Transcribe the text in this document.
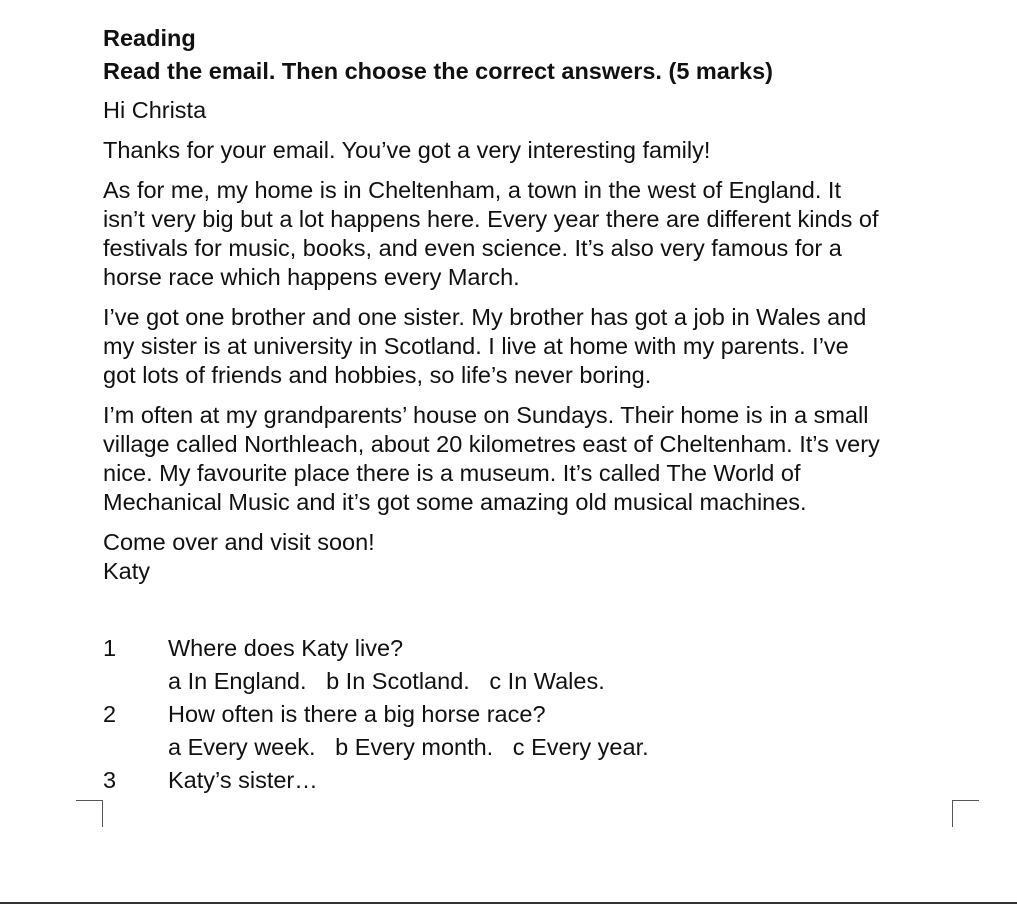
Reading

Read the email. Then choose the correct answers. (5 marks)

Hi Christa

Thanks for your email. You’ve got a very interesting family!

As for me, my home is in Cheltenham, a town in the west of England. It
isn’t very big but a lot happens here. Every year there are different kinds of
festivals for music, books, and even science. It’s also very famous for a
horse race which happens every March.

I’ve got one brother and one sister. My brother has got a job in Wales and
my sister is at university in Scotland. I live at home with my parents. I’ve
got lots of friends and hobbies, so life’s never boring.

I’m often at my grandparents’ house on Sundays. Their home is in a small
village called Northleach, about 20 kilometres east of Cheltenham. It’s very
nice. My favourite place there is a museum. It’s called The World of
Mechanical Music and it’s got some amazing old musical machines.

Come over and visit soon!
Katy

1	Where does Katy live?
a In England.   b In Scotland.   c In Wales.
2	How often is there a big horse race?
a Every week.   b Every month.   c Every year.
3	Katy’s sister…
